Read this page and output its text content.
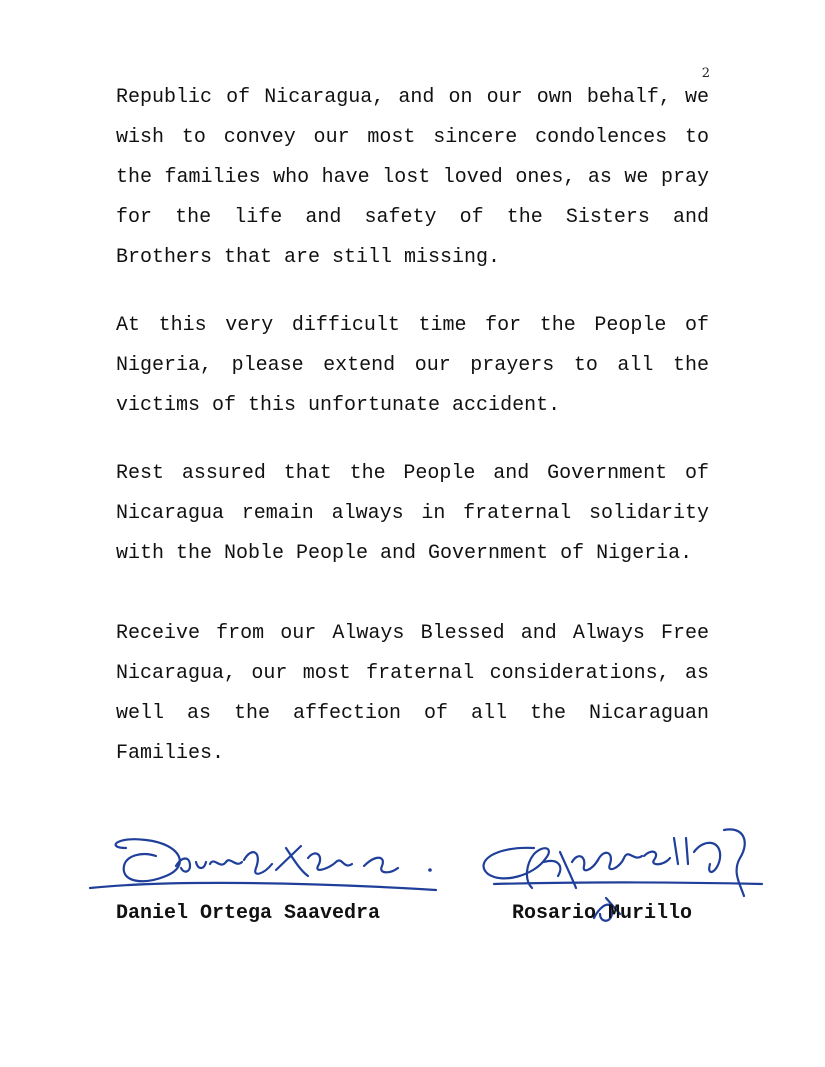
2

Republic of Nicaragua, and on our own behalf, we wish to convey our most sincere condolences to the families who have lost loved ones, as we pray for the life and safety of the Sisters and Brothers that are still missing.

At this very difficult time for the People of Nigeria, please extend our prayers to all the victims of this unfortunate accident.

Rest assured that the People and Government of Nicaragua remain always in fraternal solidarity with the Noble People and Government of Nigeria.

Receive from our Always Blessed and Always Free Nicaragua, our most fraternal considerations, as well as the affection of all the Nicaraguan Families.

Daniel Ortega Saavedra	Rosario Murillo
